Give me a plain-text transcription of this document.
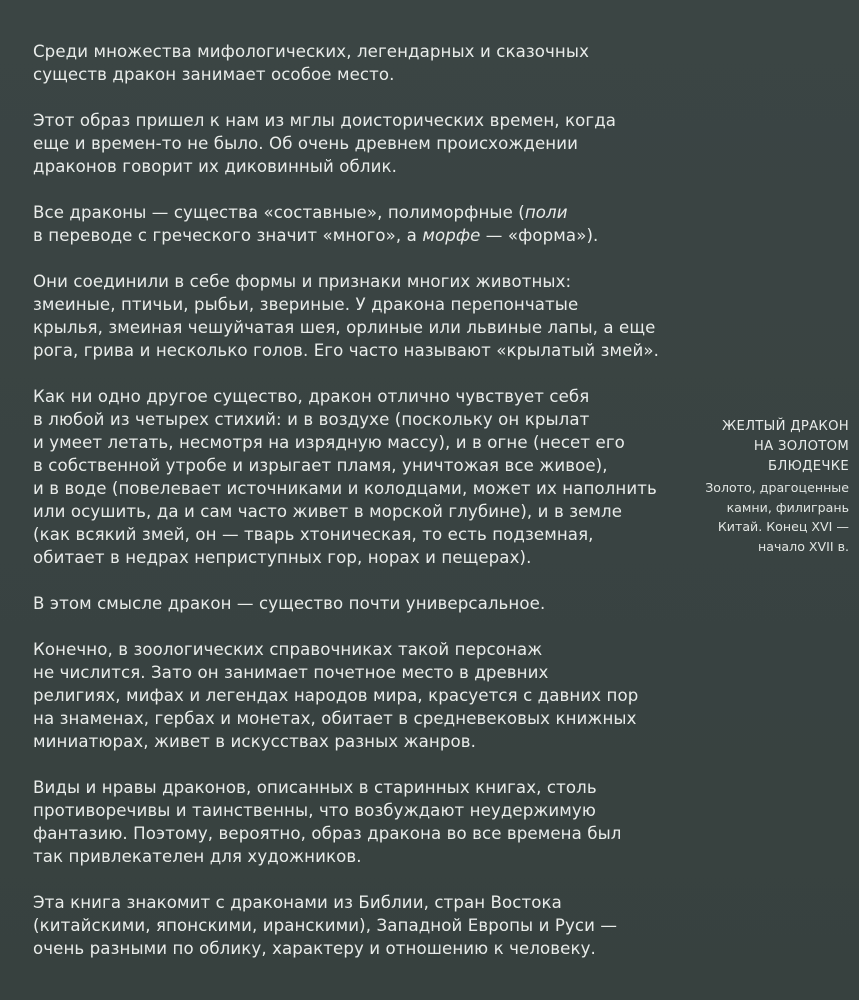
Среди множества мифологических, легендарных и сказочных
существ дракон занимает особое место.

Этот образ пришел к нам из мглы доисторических времен, когда
еще и времен-то не было. Об очень древнем происхождении
драконов говорит их диковинный облик.

Все драконы — существа «составные», полиморфные (поли
в переводе с греческого значит «много», а морфе — «форма»).

Они соединили в себе формы и признаки многих животных:
змеиные, птичьи, рыбьи, звериные. У дракона перепончатые
крылья, змеиная чешуйчатая шея, орлиные или львиные лапы, а еще
рога, грива и несколько голов. Его часто называют «крылатый змей».

Как ни одно другое существо, дракон отлично чувствует себя
в любой из четырех стихий: и в воздухе (поскольку он крылат
и умеет летать, несмотря на изрядную массу), и в огне (несет его
в собственной утробе и изрыгает пламя, уничтожая все живое),
и в воде (повелевает источниками и колодцами, может их наполнить
или осушить, да и сам часто живет в морской глубине), и в земле
(как всякий змей, он — тварь хтоническая, то есть подземная,
обитает в недрах неприступных гор, норах и пещерах).

В этом смысле дракон — существо почти универсальное.

Конечно, в зоологических справочниках такой персонаж
не числится. Зато он занимает почетное место в древних
религиях, мифах и легендах народов мира, красуется с давних пор
на знаменах, гербах и монетах, обитает в средневековых книжных
миниатюрах, живет в искусствах разных жанров.

Виды и нравы драконов, описанных в старинных книгах, столь
противоречивы и таинственны, что возбуждают неудержимую
фантазию. Поэтому, вероятно, образ дракона во все времена был
так привлекателен для художников.

Эта книга знакомит с драконами из Библии, стран Востока
(китайскими, японскими, иранскими), Западной Европы и Руси —
очень разными по облику, характеру и отношению к человеку.

ЖЕЛТЫЙ ДРАКОН
НА ЗОЛОТОМ
БЛЮДЕЧКЕ

Золото, драгоценные
камни, филигрань
Китай. Конец XVI —
начало XVII в.
